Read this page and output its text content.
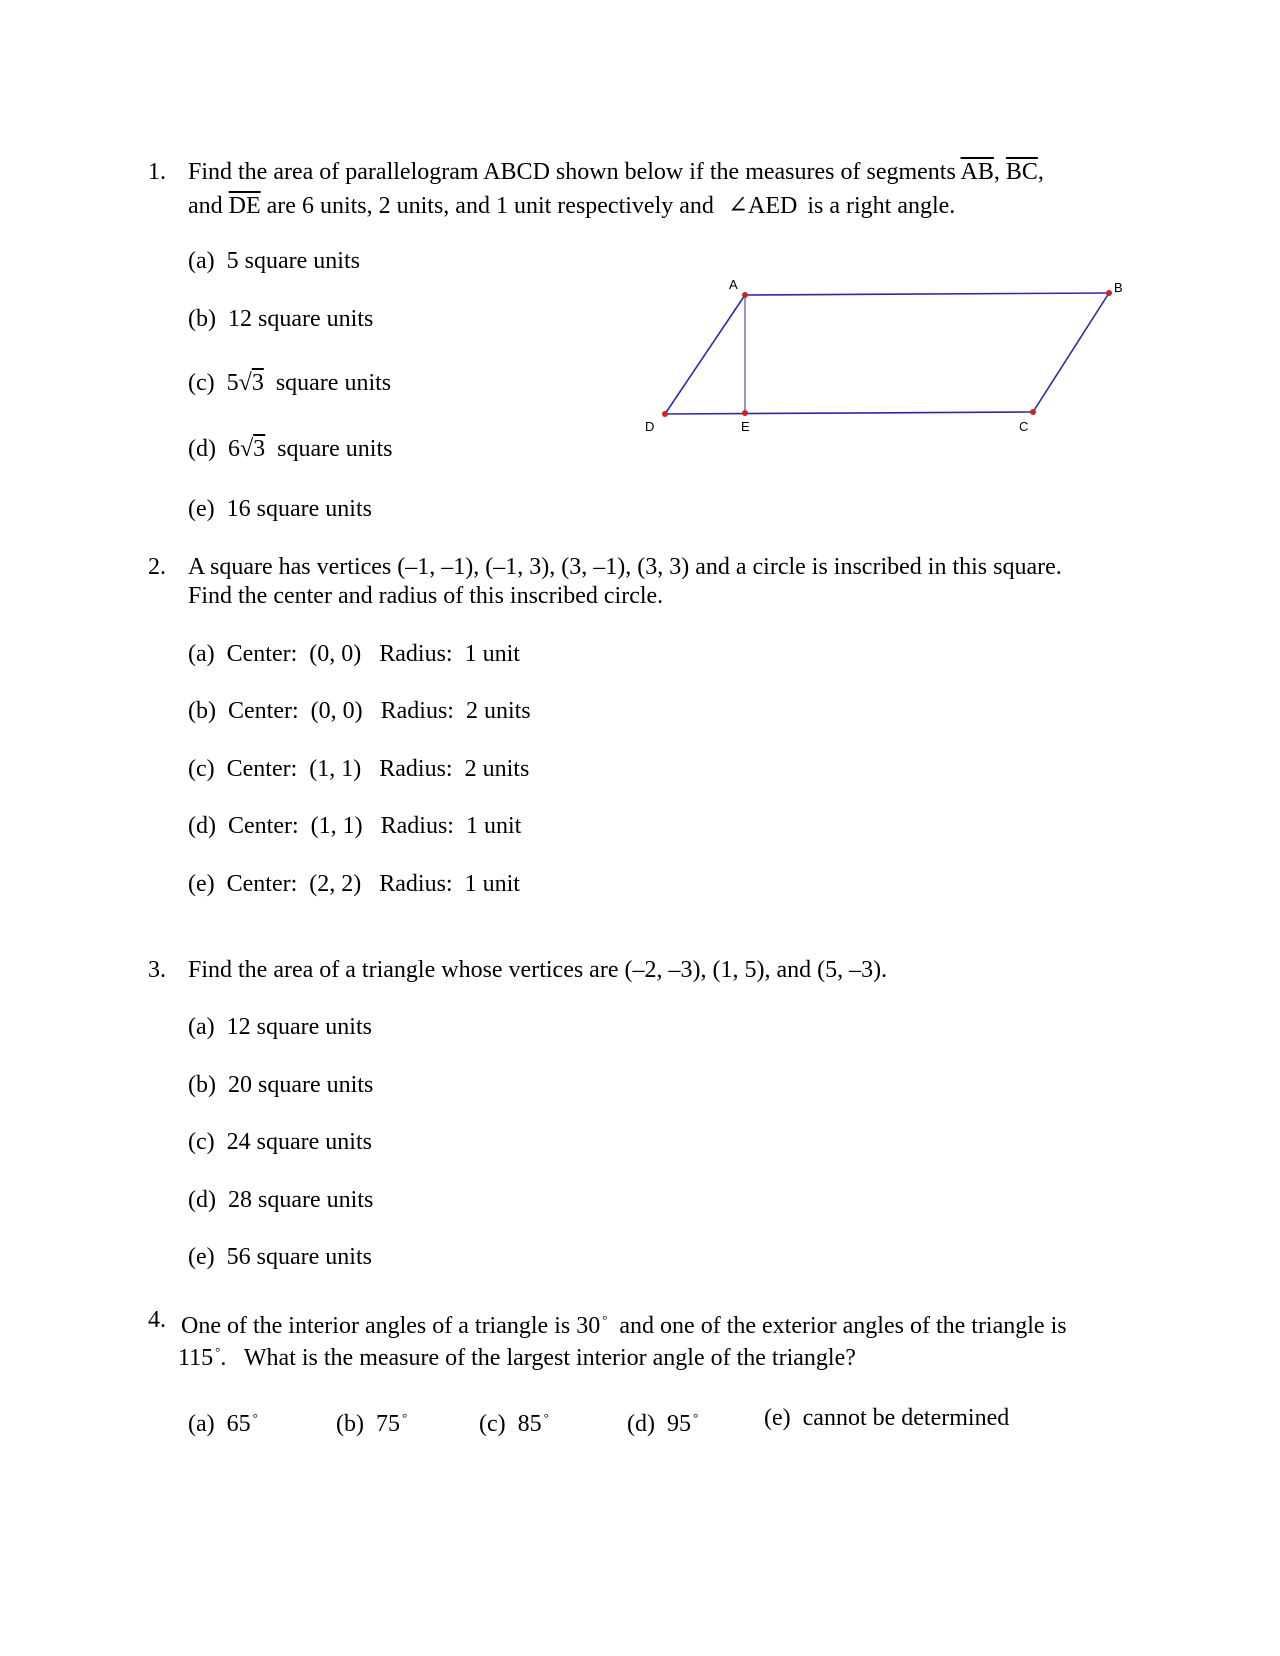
1. Find the area of parallelogram ABCD shown below if the measures of segments $\overline{AB}$, $\overline{BC}$,
and $\overline{DE}$ are 6 units, 2 units, and 1 unit respectively and ∠AED is a right angle.
(a) 5 square units
(b) 12 square units
(c) 5√3 square units
(d) 6√3 square units
(e) 16 square units
A	B
C
D	E
2. A square has vertices (–1, –1), (–1, 3), (3, –1), (3, 3) and a circle is inscribed in this square.
Find the center and radius of this inscribed circle.
(a) Center: (0, 0) Radius: 1 unit
(b) Center: (0, 0) Radius: 2 units
(c) Center: (1, 1) Radius: 2 units
(d) Center: (1, 1) Radius: 1 unit
(e) Center: (2, 2) Radius: 1 unit
3. Find the area of a triangle whose vertices are (–2, –3), (1, 5), and (5, –3).
(a) 12 square units
(b) 20 square units
(c) 24 square units
(d) 28 square units
(e) 56 square units
4. One of the interior angles of a triangle is 30 ° and one of the exterior angles of the triangle is
115 °. What is the measure of the largest interior angle of the triangle?
(a) 65 °	(b) 75 °	(c) 85 °	(d) 95 °	(e) cannot be determined
